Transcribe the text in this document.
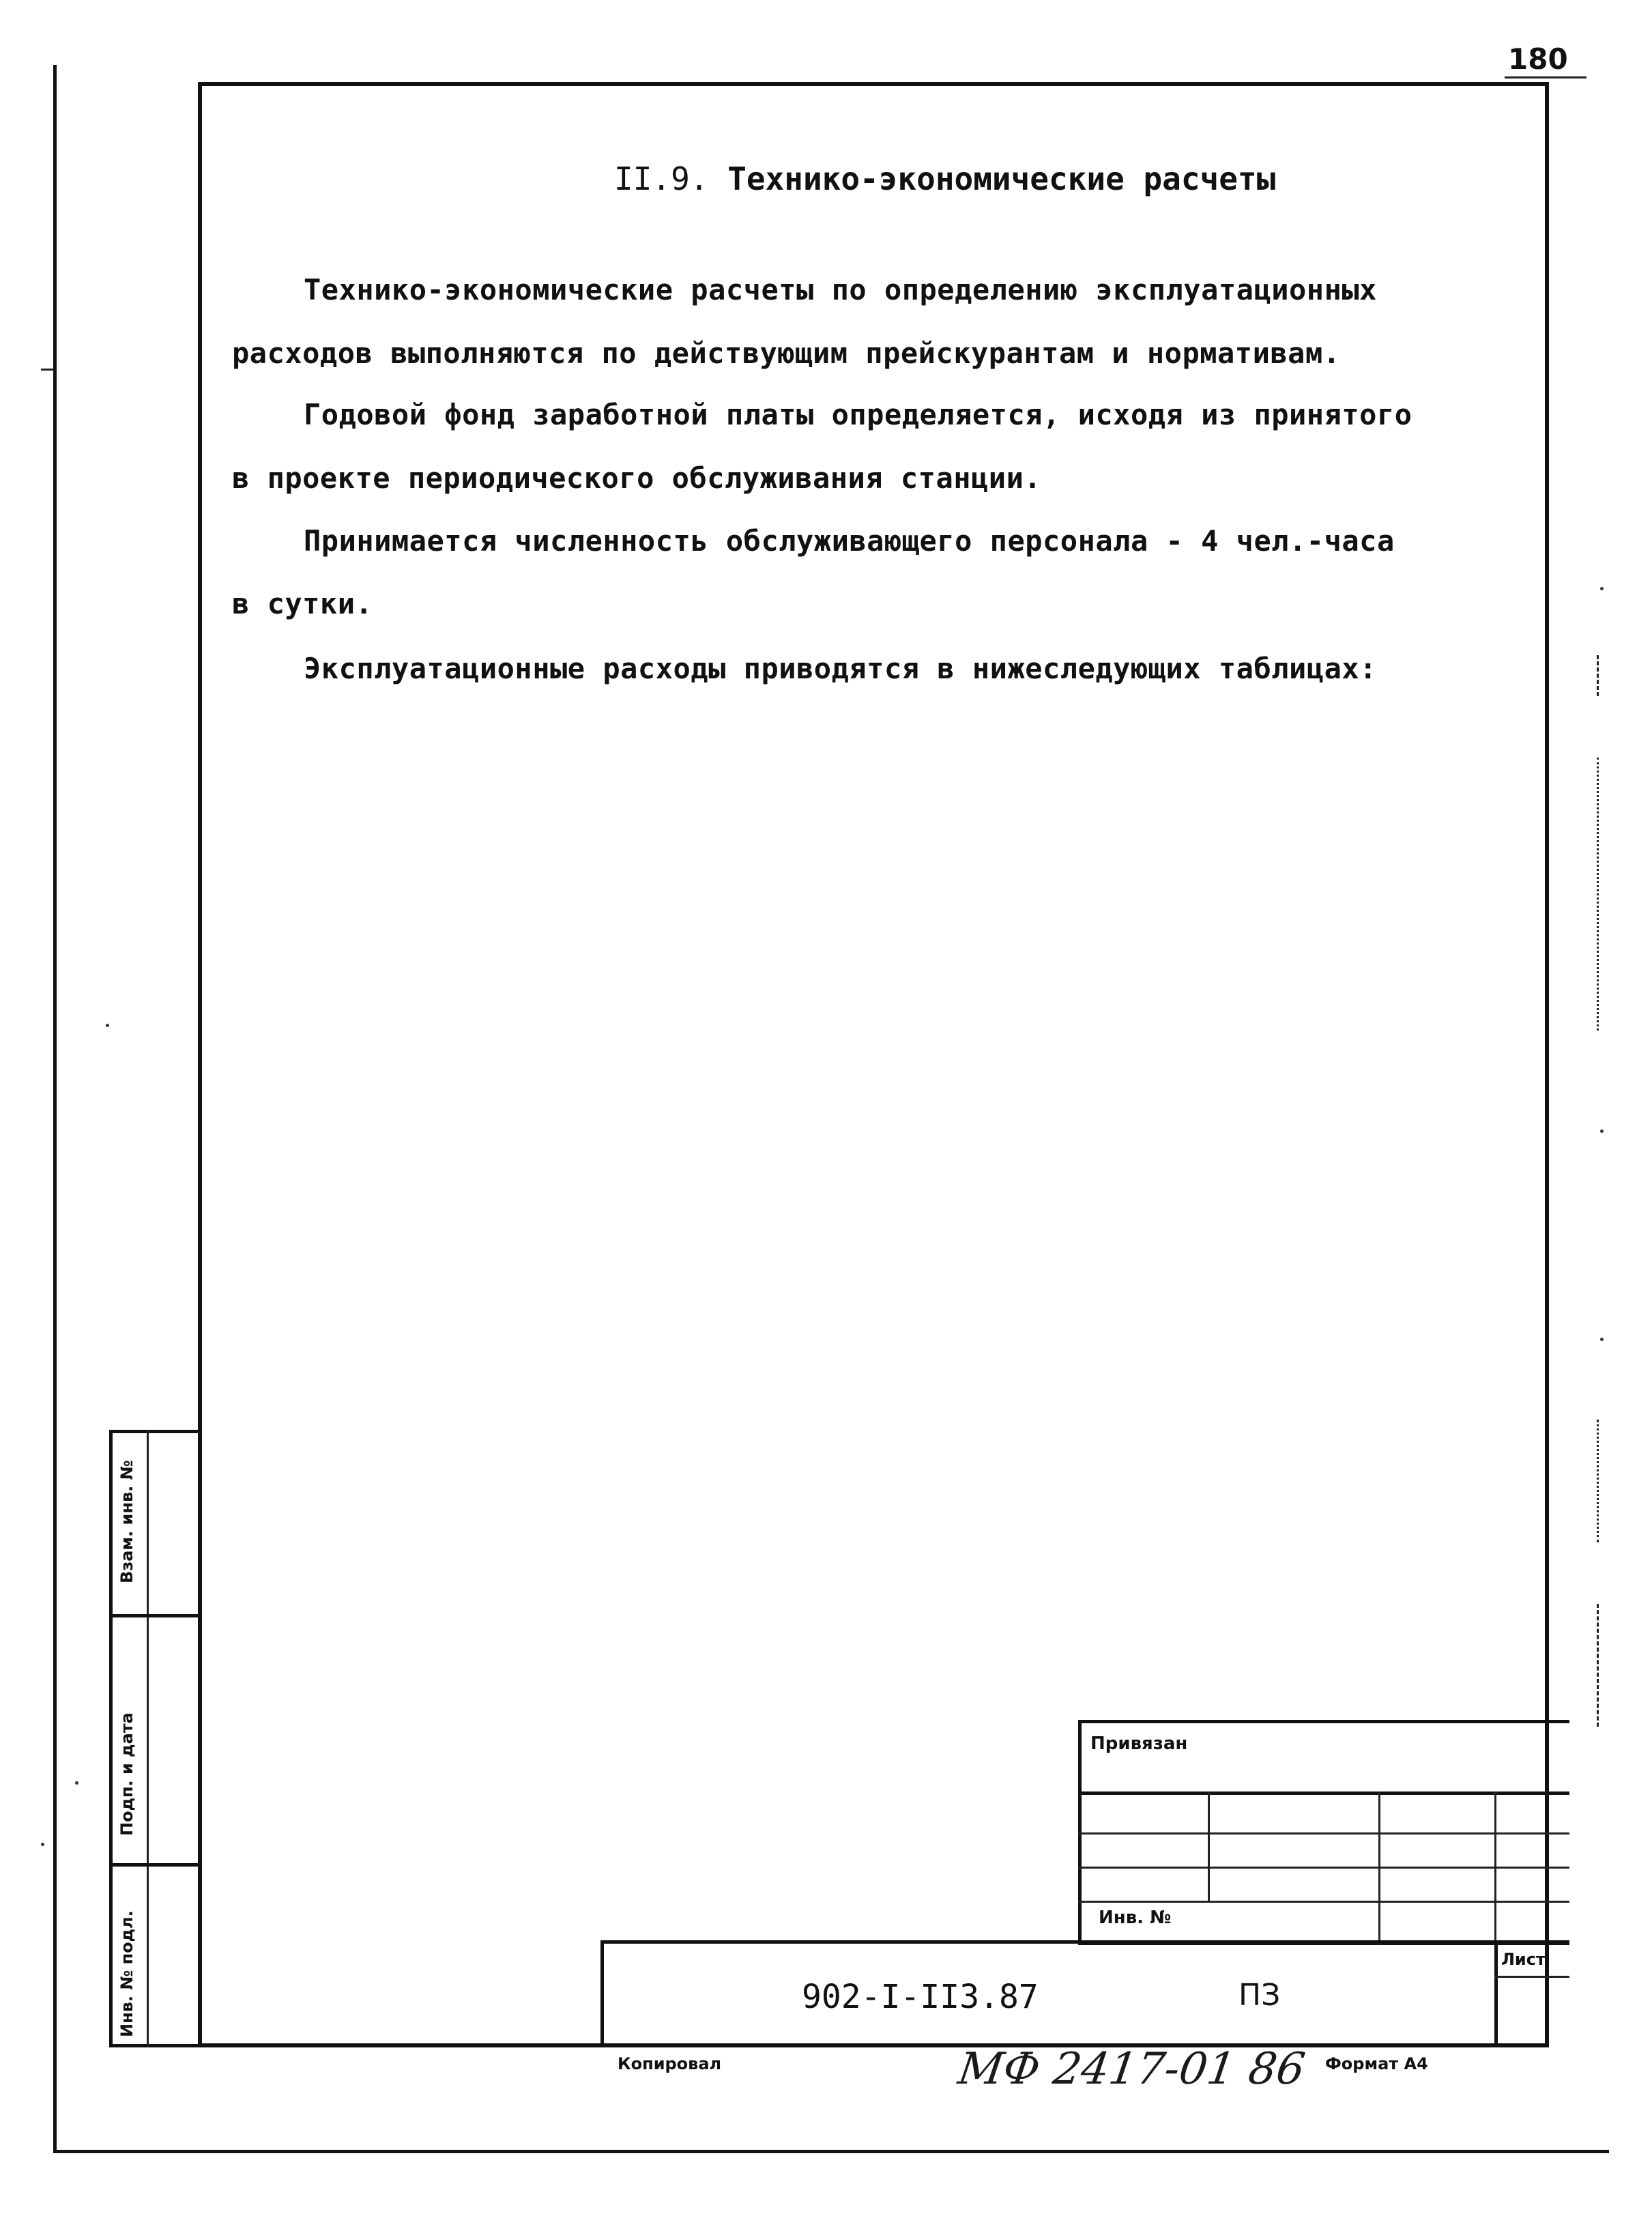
180
II.9. Технико-экономические расчеты
Технико-экономические расчеты по определению эксплуатационных
расходов выполняются по действующим прейскурантам и нормативам.
Годовой фонд заработной платы определяется, исходя из принятого
в проекте периодического обслуживания станции.
Принимается численность обслуживающего персонала - 4 чел.-часа
в сутки.
Эксплуатационные расходы приводятся в нижеследующих таблицах:
Взам. инв. №
Подп. и дата
Инв. № подл.
Привязан
Инв. №
Лист
902-I-II3.87	ПЗ
Копировал	МФ 2417-01 86 Формат А4
